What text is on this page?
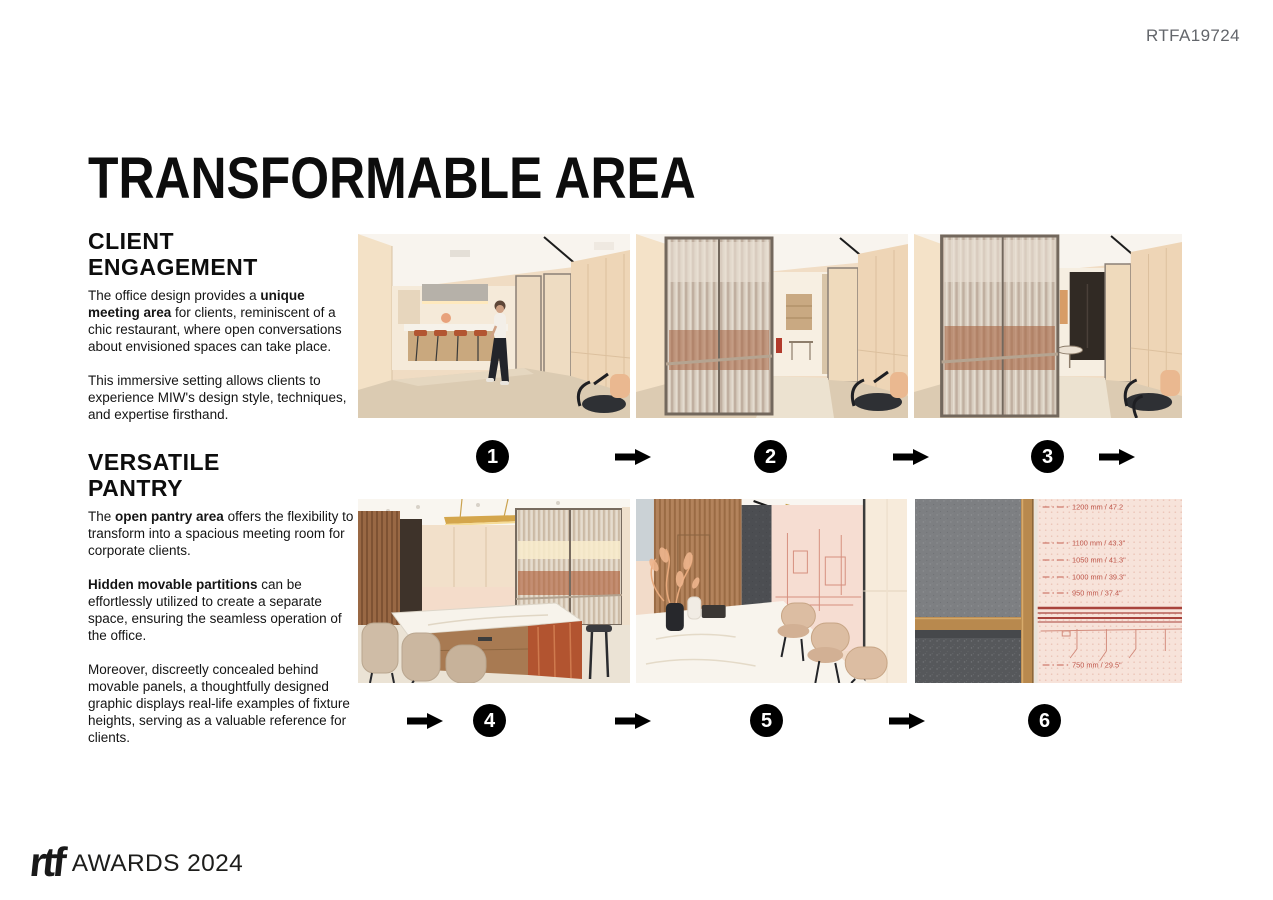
RTFA19724
TRANSFORMABLE AREA
CLIENT
ENGAGEMENT

The office design provides a unique meeting area for clients, reminiscent of a chic restaurant, where open conversations about envisioned spaces can take place.

This immersive setting allows clients to experience MIW's design style, techniques, and expertise firsthand.

VERSATILE
PANTRY

The open pantry area offers the flexibility to transform into a spacious meeting room for corporate clients.

Hidden movable partitions can be effortlessly utilized to create a separate space, ensuring the seamless operation of the office.

Moreover, discreetly concealed behind movable panels, a thoughtfully designed graphic displays real-life examples of fixture heights, serving as a valuable reference for clients.

1200 mm / 47.2
1100 mm / 43.3"
1050 mm / 41.3"
1000 mm / 39.3"
950 mm / 37.4"
750 mm / 29.5"
1	2	3
4	5	6
rtf AWARDS 2024
